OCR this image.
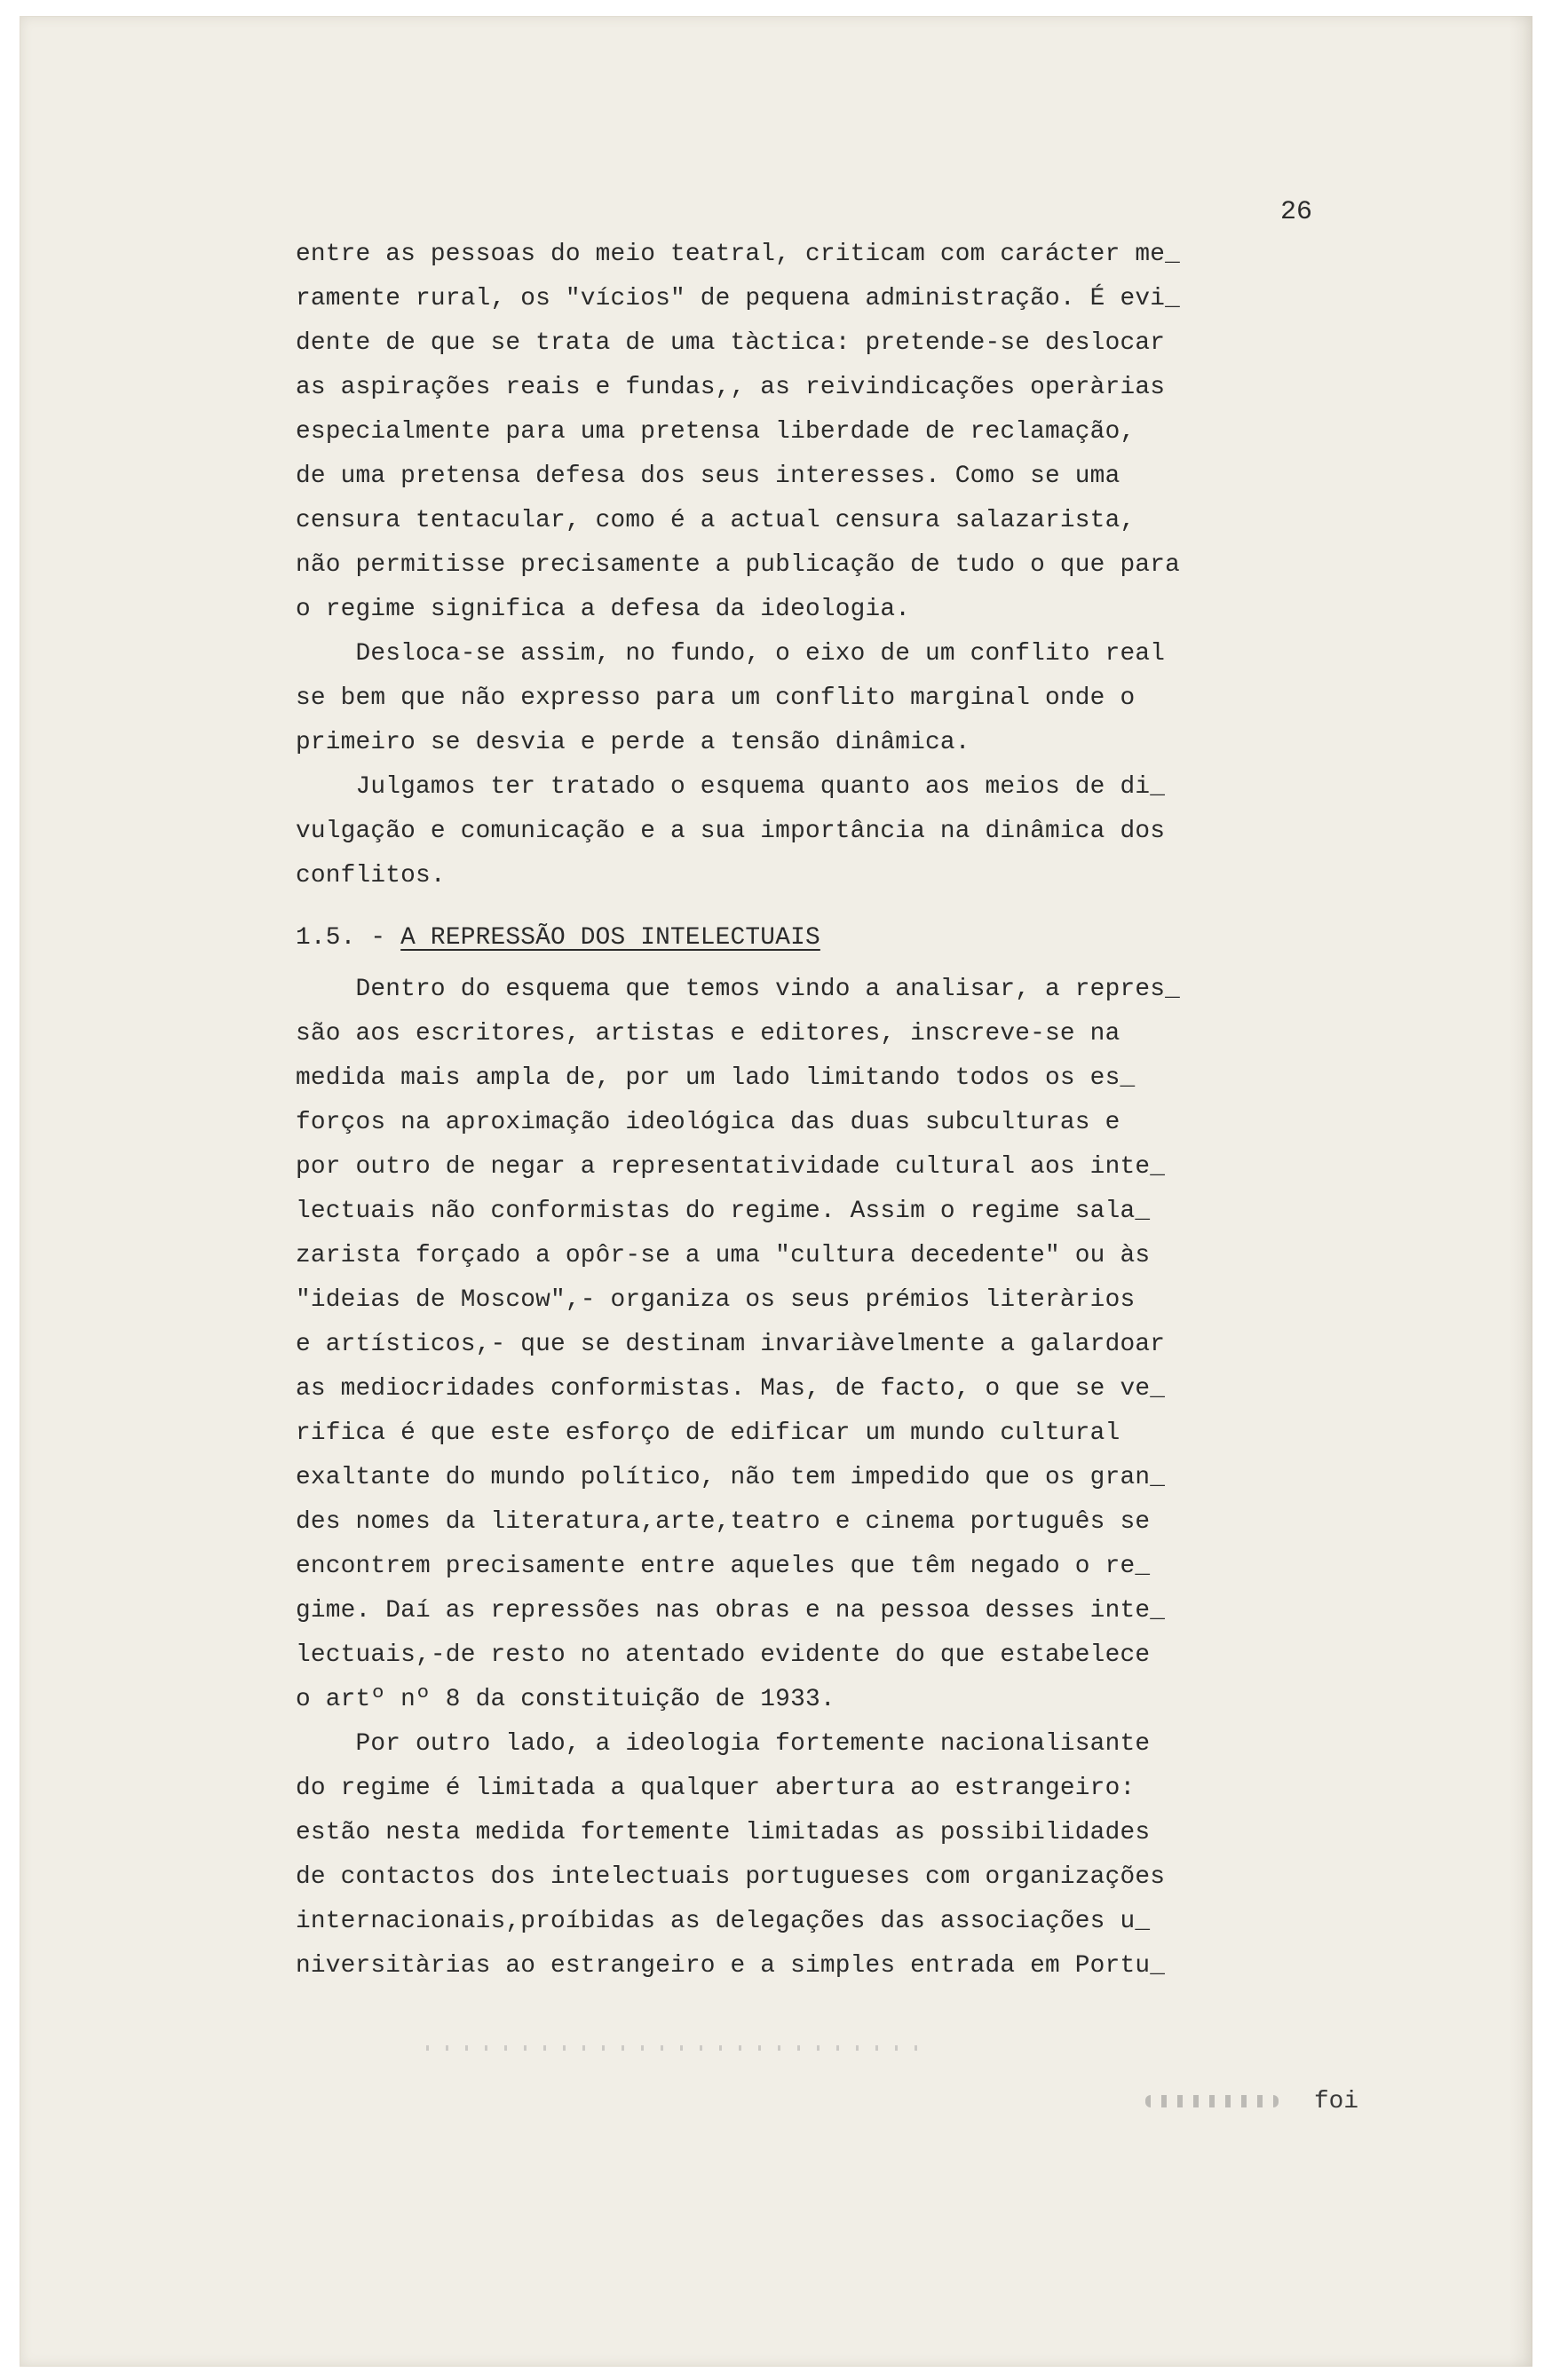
26

entre as pessoas do meio teatral, criticam com carácter me_

ramente rural, os "vícios" de pequena administração. É evi_

dente de que se trata de uma tàctica: pretende-se deslocar

as aspirações reais e fundas,, as reivindicações operàrias

especialmente para uma pretensa liberdade de reclamação,

de uma pretensa defesa dos seus interesses. Como se uma

censura tentacular, como é a actual censura salazarista,

não permitisse precisamente a publicação de tudo o que para

o regime significa a defesa da ideologia.

Desloca-se assim, no fundo, o eixo de um conflito real

se bem que não expresso para um conflito marginal onde o

primeiro se desvia e perde a tensão dinâmica.

Julgamos ter tratado o esquema quanto aos meios de di_

vulgação e comunicação e a sua importância na dinâmica dos

conflitos.

1.5. - A REPRESSÃO DOS INTELECTUAIS

Dentro do esquema que temos vindo a analisar, a repres_

são aos escritores, artistas e editores, inscreve-se na

medida mais ampla de, por um lado limitando todos os es_

forços na aproximação ideológica das duas subculturas e

por outro de negar a representatividade cultural aos inte_

lectuais não conformistas do regime. Assim o regime sala_

zarista forçado a opôr-se a uma "cultura decedente" ou às

"ideias de Moscow",- organiza os seus prémios literàrios

e artísticos,- que se destinam invariàvelmente a galardoar

as mediocridades conformistas. Mas, de facto, o que se ve_

rifica é que este esforço de edificar um mundo cultural

exaltante do mundo político, não tem impedido que os gran_

des nomes da literatura,arte,teatro e cinema português se

encontrem precisamente entre aqueles que têm negado o re_

gime. Daí as repressões nas obras e na pessoa desses inte_

lectuais,-de resto no atentado evidente do que estabelece

o artº nº 8 da constituição de 1933.

Por outro lado, a ideologia fortemente nacionalisante

do regime é limitada a qualquer abertura ao estrangeiro:

estão nesta medida fortemente limitadas as possibilidades

de contactos dos intelectuais portugueses com organizações

internacionais,proíbidas as delegações das associações u_

niversitàrias ao estrangeiro e a simples entrada em Portu_

foi
